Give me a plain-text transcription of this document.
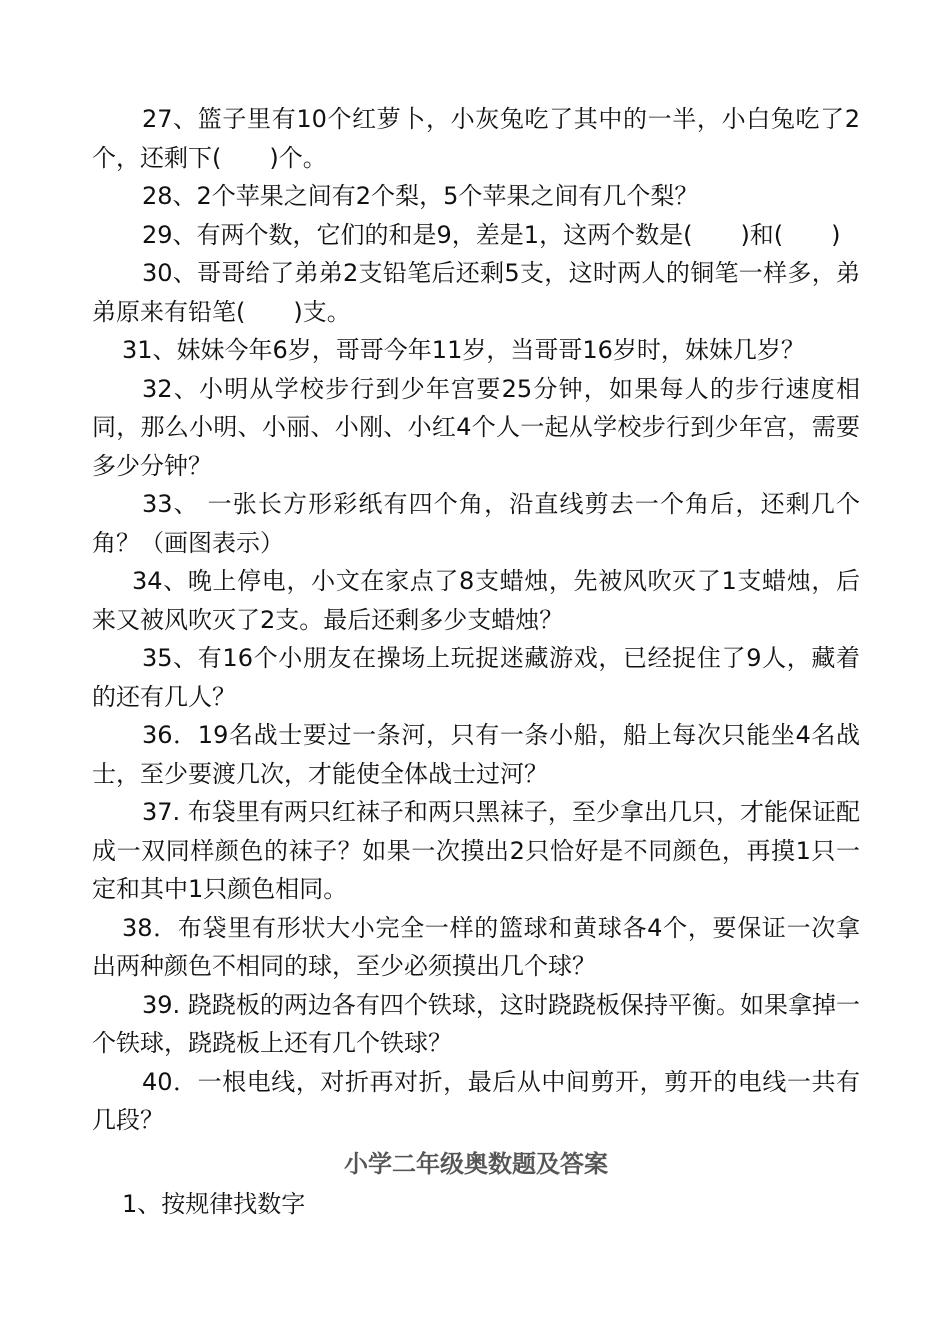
27、篮子里有10个红萝卜，小灰兔吃了其中的一半，小白兔吃了2个，还剩下(　　)个。

28、2个苹果之间有2个梨，5个苹果之间有几个梨？

29、有两个数，它们的和是9，差是1，这两个数是(　　)和(　　)

30、哥哥给了弟弟2支铅笔后还剩5支，这时两人的铜笔一样多，弟弟原来有铅笔(　　)支。

31、妹妹今年6岁，哥哥今年11岁，当哥哥16岁时，妹妹几岁？

32、小明从学校步行到少年宫要25分钟，如果每人的步行速度相同，那么小明、小丽、小刚、小红4个人一起从学校步行到少年宫，需要多少分钟？

33、 一张长方形彩纸有四个角，沿直线剪去一个角后，还剩几个角？（画图表示）

34、晚上停电，小文在家点了8支蜡烛，先被风吹灭了1支蜡烛，后来又被风吹灭了2支。最后还剩多少支蜡烛？

35、有16个小朋友在操场上玩捉迷藏游戏，已经捉住了9人，藏着的还有几人？

36．19名战士要过一条河，只有一条小船，船上每次只能坐4名战士，至少要渡几次，才能使全体战士过河？

37. 布袋里有两只红袜子和两只黑袜子，至少拿出几只，才能保证配成一双同样颜色的袜子？如果一次摸出2只恰好是不同颜色，再摸1只一定和其中1只颜色相同。

38．布袋里有形状大小完全一样的篮球和黄球各4个，要保证一次拿出两种颜色不相同的球，至少必须摸出几个球？

39. 跷跷板的两边各有四个铁球，这时跷跷板保持平衡。如果拿掉一个铁球，跷跷板上还有几个铁球？

40．一根电线，对折再对折，最后从中间剪开，剪开的电线一共有几段？

小学二年级奥数题及答案

1、按规律找数字
